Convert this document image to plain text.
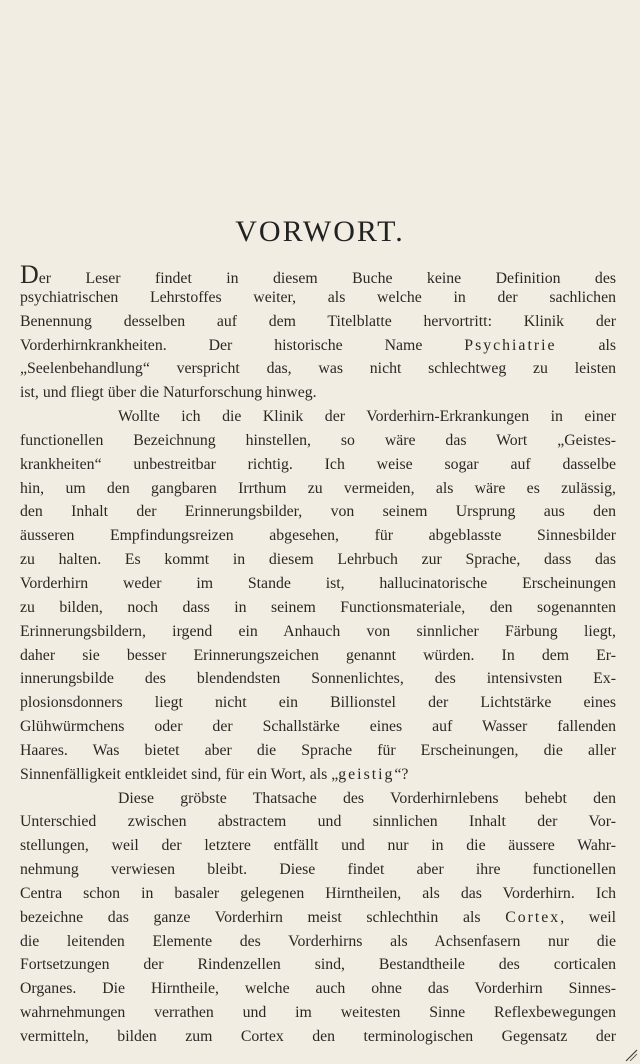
VORWORT.
Der Leser findet in diesem Buche keine Definition des
psychiatrischen Lehrstoffes weiter, als welche in der sachlichen
Benennung desselben auf dem Titelblatte hervortritt: Klinik der
Vorderhirnkrankheiten. Der historische Name Psychiatrie als
„Seelenbehandlung“ verspricht das, was nicht schlechtweg zu leisten
ist, und fliegt über die Naturforschung hinweg.
Wollte ich die Klinik der Vorderhirn-Erkrankungen in einer
functionellen Bezeichnung hinstellen, so wäre das Wort „Geistes-
krankheiten“ unbestreitbar richtig. Ich weise sogar auf dasselbe
hin, um den gangbaren Irrthum zu vermeiden, als wäre es zulässig,
den Inhalt der Erinnerungsbilder, von seinem Ursprung aus den
äusseren Empfindungsreizen abgesehen, für abgeblasste Sinnesbilder
zu halten. Es kommt in diesem Lehrbuch zur Sprache, dass das
Vorderhirn weder im Stande ist, hallucinatorische Erscheinungen
zu bilden, noch dass in seinem Functionsmateriale, den sogenannten
Erinnerungsbildern, irgend ein Anhauch von sinnlicher Färbung liegt,
daher sie besser Erinnerungszeichen genannt würden. In dem Er-
innerungsbilde des blendendsten Sonnenlichtes, des intensivsten Ex-
plosionsdonners liegt nicht ein Billionstel der Lichtstärke eines
Glühwürmchens oder der Schallstärke eines auf Wasser fallenden
Haares. Was bietet aber die Sprache für Erscheinungen, die aller
Sinnenfälligkeit entkleidet sind, für ein Wort, als „geistig“?
Diese gröbste Thatsache des Vorderhirnlebens behebt den
Unterschied zwischen abstractem und sinnlichen Inhalt der Vor-
stellungen, weil der letztere entfällt und nur in die äussere Wahr-
nehmung verwiesen bleibt. Diese findet aber ihre functionellen
Centra schon in basaler gelegenen Hirntheilen, als das Vorderhirn. Ich
bezeichne das ganze Vorderhirn meist schlechthin als Cortex, weil
die leitenden Elemente des Vorderhirns als Achsenfasern nur die
Fortsetzungen der Rindenzellen sind, Bestandtheile des corticalen
Organes. Die Hirntheile, welche auch ohne das Vorderhirn Sinnes-
wahrnehmungen verrathen und im weitesten Sinne Reflexbewegungen
vermitteln, bilden zum Cortex den terminologischen Gegensatz der
